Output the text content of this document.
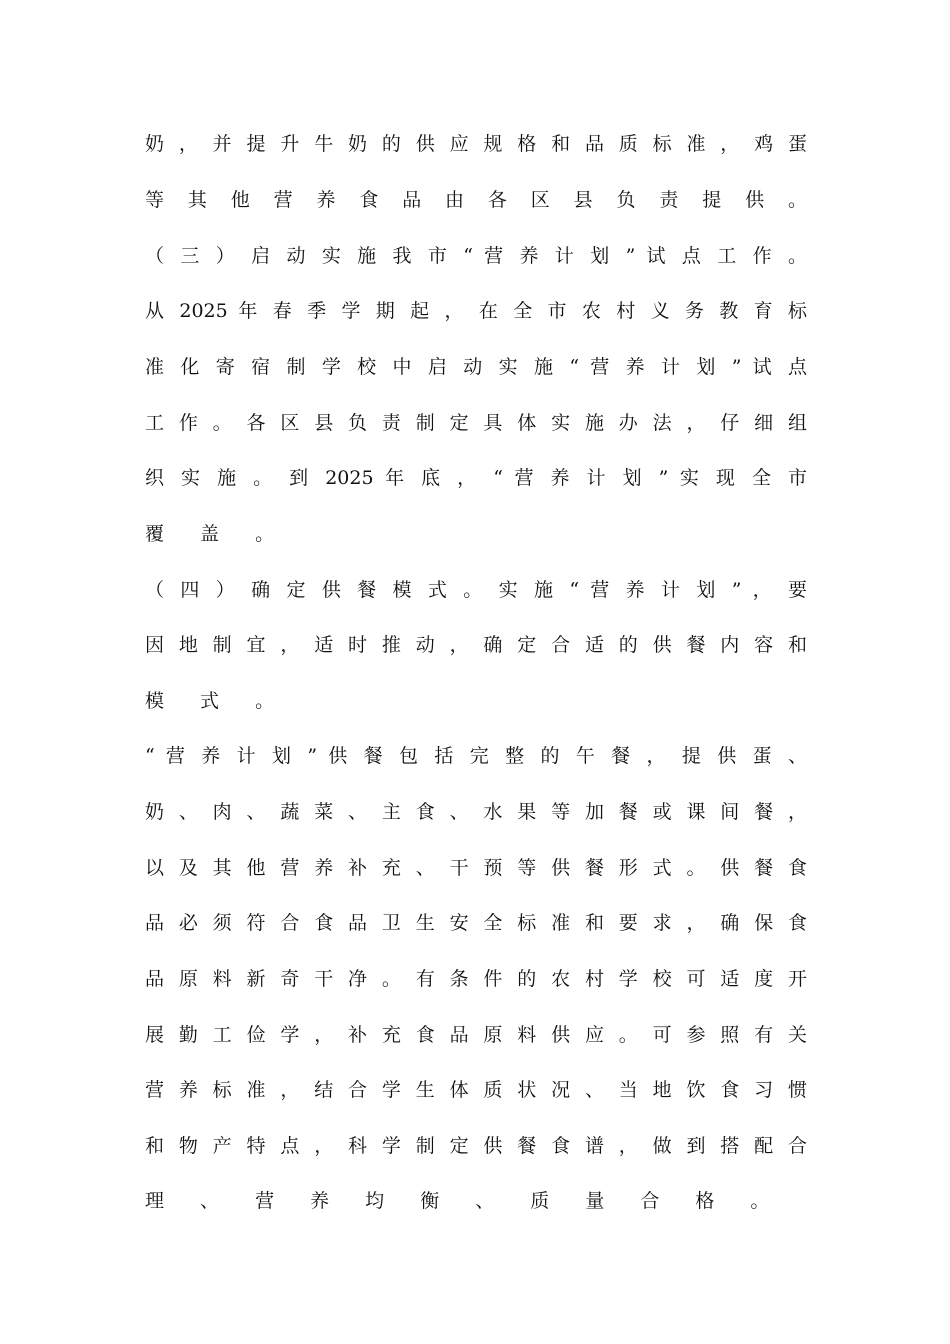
奶 ， 并 提 升 牛 奶 的 供 应 规 格 和 品 质 标 准 ， 鸡 蛋
等 其 他 营 养 食 品 由 各 区 县 负 责 提 供 。
（ 三 ） 启 动 实 施 我 市 “ 营 养 计 划 ” 试 点 工 作 。
从 2025 年 春 季 学 期 起 ， 在 全 市 农 村 义 务 教 育 标
准 化 寄 宿 制 学 校 中 启 动 实 施 “ 营 养 计 划 ” 试 点
工 作 。 各 区 县 负 责 制 定 具 体 实 施 办 法 ， 仔 细 组
织 实 施 。 到 2025 年 底 ， “ 营 养 计 划 ” 实 现 全 市
覆 盖 。
（ 四 ） 确 定 供 餐 模 式 。 实 施 “ 营 养 计 划 ” ， 要
因 地 制 宜 ， 适 时 推 动 ， 确 定 合 适 的 供 餐 内 容 和
模 式 。
“ 营 养 计 划 ” 供 餐 包 括 完 整 的 午 餐 ， 提 供 蛋 、
奶 、 肉 、 蔬 菜 、 主 食 、 水 果 等 加 餐 或 课 间 餐 ，
以 及 其 他 营 养 补 充 、 干 预 等 供 餐 形 式 。 供 餐 食
品 必 须 符 合 食 品 卫 生 安 全 标 准 和 要 求 ， 确 保 食
品 原 料 新 奇 干 净 。 有 条 件 的 农 村 学 校 可 适 度 开
展 勤 工 俭 学 ， 补 充 食 品 原 料 供 应 。 可 参 照 有 关
营 养 标 准 ， 结 合 学 生 体 质 状 况 、 当 地 饮 食 习 惯
和 物 产 特 点 ， 科 学 制 定 供 餐 食 谱 ， 做 到 搭 配 合
理 、 营 养 均 衡 、 质 量 合 格 。
